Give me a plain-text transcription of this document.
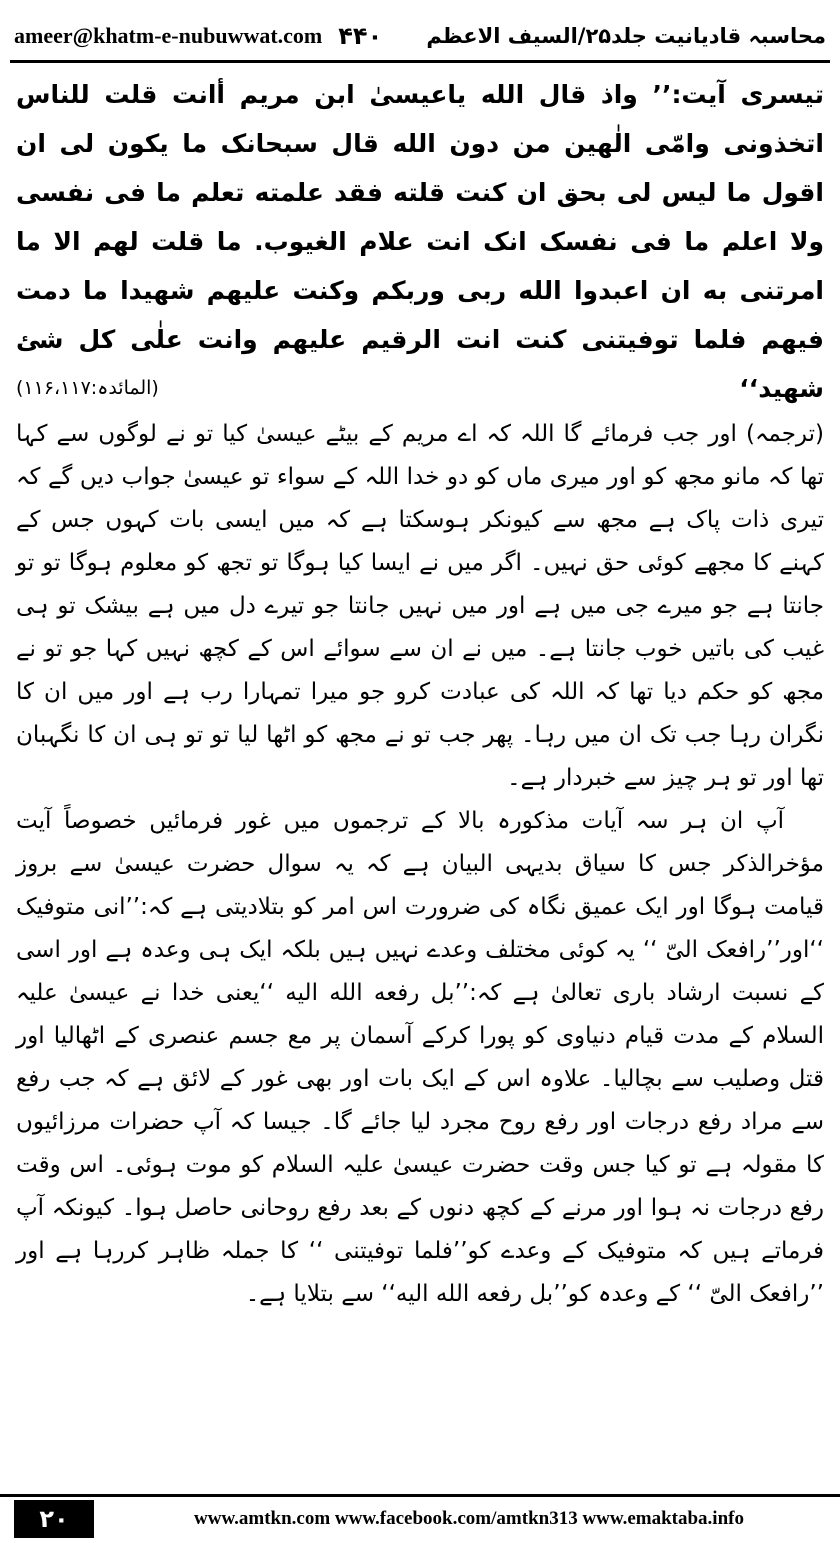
ameer@khatm-e-nubuwwat.com ۴۴۰ محاسبہ قادیانیت جلد۲۵/السیف الاعظم

تیسری آیت:’’ واذ قال الله یاعیسیٰ ابن مریم أانت قلت للناس اتخذونی وامّی الٰھین من دون الله قال سبحانک ما یکون لی ان اقول ما لیس لی بحق ان کنت قلته فقد علمته تعلم ما فی نفسی ولا اعلم ما فی نفسک انک انت علام الغیوب. ما قلت لھم الا ما امرتنی به ان اعبدوا الله ربی وربکم وکنت علیھم شھیدا ما دمت فیھم فلما توفیتنی کنت انت الرقیم علیھم وانت علٰی کل شئ شھید‘‘
(المائدہ:۱۱۶،۱۱۷)

(ترجمہ) اور جب فرمائے گا اللہ کہ اے مریم کے بیٹے عیسیٰ کیا تو نے لوگوں سے کہا تھا کہ مانو مجھ کو اور میری ماں کو دو خدا اللہ کے سواء تو عیسیٰ جواب دیں گے کہ تیری ذات پاک ہے مجھ سے کیونکر ہوسکتا ہے کہ میں ایسی بات کہوں جس کے کہنے کا مجھے کوئی حق نہیں۔ اگر میں نے ایسا کیا ہوگا تو تجھ کو معلوم ہوگا تو تو جانتا ہے جو میرے جی میں ہے اور میں نہیں جانتا جو تیرے دل میں ہے بیشک تو ہی غیب کی باتیں خوب جانتا ہے۔ میں نے ان سے سوائے اس کے کچھ نہیں کہا جو تو نے مجھ کو حکم دیا تھا کہ اللہ کی عبادت کرو جو میرا تمہارا رب ہے اور میں ان کا نگران رہا جب تک ان میں رہا۔ پھر جب تو نے مجھ کو اٹھا لیا تو تو ہی ان کا نگہبان تھا اور تو ہر چیز سے خبردار ہے۔

آپ ان ہر سہ آیات مذکورہ بالا کے ترجموں میں غور فرمائیں خصوصاً آیت مؤخرالذکر جس کا سیاق بدیہی البیان ہے کہ یہ سوال حضرت عیسیٰ سے بروز قیامت ہوگا اور ایک عمیق نگاہ کی ضرورت اس امر کو بتلادیتی ہے کہ:’’انی متوفیک ‘‘اور’’رافعک الیّ ‘‘ یہ کوئی مختلف وعدے نہیں ہیں بلکہ ایک ہی وعدہ ہے اور اسی کے نسبت ارشاد باری تعالیٰ ہے کہ:’’بل رفعه الله الیه ‘‘یعنی خدا نے عیسیٰ علیہ السلام کے مدت قیام دنیاوی کو پورا کرکے آسمان پر مع جسم عنصری کے اٹھالیا اور قتل وصلیب سے بچالیا۔ علاوہ اس کے ایک بات اور بھی غور کے لائق ہے کہ جب رفع سے مراد رفع درجات اور رفع روح مجرد لیا جائے گا۔ جیسا کہ آپ حضرات مرزائیوں کا مقولہ ہے تو کیا جس وقت حضرت عیسیٰ علیہ السلام کو موت ہوئی۔ اس وقت رفع درجات نہ ہوا اور مرنے کے کچھ دنوں کے بعد رفع روحانی حاصل ہوا۔ کیونکہ آپ فرماتے ہیں کہ متوفیک کے وعدے کو’’فلما توفیتنی ‘‘ کا جملہ ظاہر کررہا ہے اور ’’رافعک الیّ ‘‘ کے وعدہ کو’’بل رفعه الله الیه‘‘ سے بتلایا ہے۔

۲۰	www.amtkn.com www.facebook.com/amtkn313 www.emaktaba.info
